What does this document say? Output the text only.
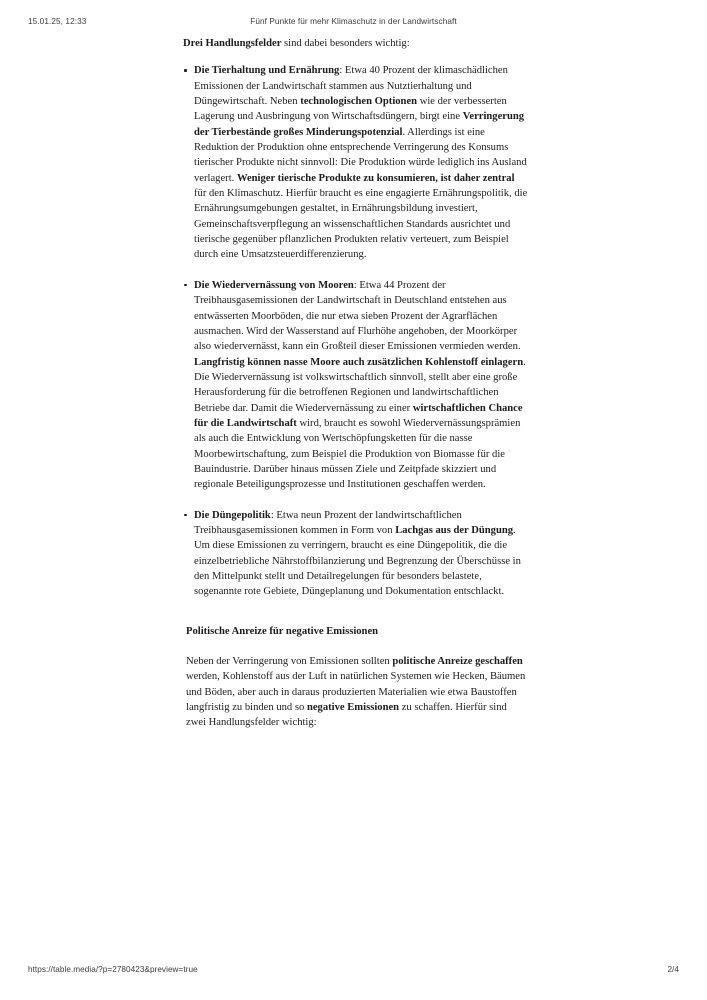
15.01.25, 12:33	Fünf Punkte für mehr Klimaschutz in der Landwirtschaft

Drei Handlungsfelder sind dabei besonders wichtig:

Die Tierhaltung und Ernährung: Etwa 40 Prozent der klimaschädlichen Emissionen der Landwirtschaft stammen aus Nutztierhaltung und Düngewirtschaft. Neben technologischen Optionen wie der verbesserten Lagerung und Ausbringung von Wirtschaftsdüngern, birgt eine Verringerung der Tierbestände großes Minderungspotenzial. Allerdings ist eine Reduktion der Produktion ohne entsprechende Verringerung des Konsums tierischer Produkte nicht sinnvoll: Die Produktion würde lediglich ins Ausland verlagert. Weniger tierische Produkte zu konsumieren, ist daher zentral für den Klimaschutz. Hierfür braucht es eine engagierte Ernährungspolitik, die Ernährungsumgebungen gestaltet, in Ernährungsbildung investiert, Gemeinschaftsverpflegung an wissenschaftlichen Standards ausrichtet und tierische gegenüber pflanzlichen Produkten relativ verteuert, zum Beispiel durch eine Umsatzsteuerdifferenzierung.
Die Wiedervernässung von Mooren: Etwa 44 Prozent der Treibhausgasemissionen der Landwirtschaft in Deutschland entstehen aus entwässerten Moorböden, die nur etwa sieben Prozent der Agrarflächen ausmachen. Wird der Wasserstand auf Flurhöhe angehoben, der Moorkörper also wiedervernässt, kann ein Großteil dieser Emissionen vermieden werden. Langfristig können nasse Moore auch zusätzlichen Kohlenstoff einlagern. Die Wiedervernässung ist volkswirtschaftlich sinnvoll, stellt aber eine große Herausforderung für die betroffenen Regionen und landwirtschaftlichen Betriebe dar. Damit die Wiedervernässung zu einer wirtschaftlichen Chance für die Landwirtschaft wird, braucht es sowohl Wiedervernässungsprämien als auch die Entwicklung von Wertschöpfungsketten für die nasse Moorbewirtschaftung, zum Beispiel die Produktion von Biomasse für die Bauindustrie. Darüber hinaus müssen Ziele und Zeitpfade skizziert und regionale Beteiligungsprozesse und Institutionen geschaffen werden.
Die Düngepolitik: Etwa neun Prozent der landwirtschaftlichen Treibhausgasemissionen kommen in Form von Lachgas aus der Düngung. Um diese Emissionen zu verringern, braucht es eine Düngepolitik, die die einzelbetriebliche Nährstoffbilanzierung und Begrenzung der Überschüsse in den Mittelpunkt stellt und Detailregelungen für besonders belastete, sogenannte rote Gebiete, Düngeplanung und Dokumentation entschlackt.
Politische Anreize für negative Emissionen

Neben der Verringerung von Emissionen sollten politische Anreize geschaffen werden, Kohlenstoff aus der Luft in natürlichen Systemen wie Hecken, Bäumen und Böden, aber auch in daraus produzierten Materialien wie etwa Baustoffen langfristig zu binden und so negative Emissionen zu schaffen. Hierfür sind zwei Handlungsfelder wichtig:

https://table.media/?p=2780423&preview=true	2/4
